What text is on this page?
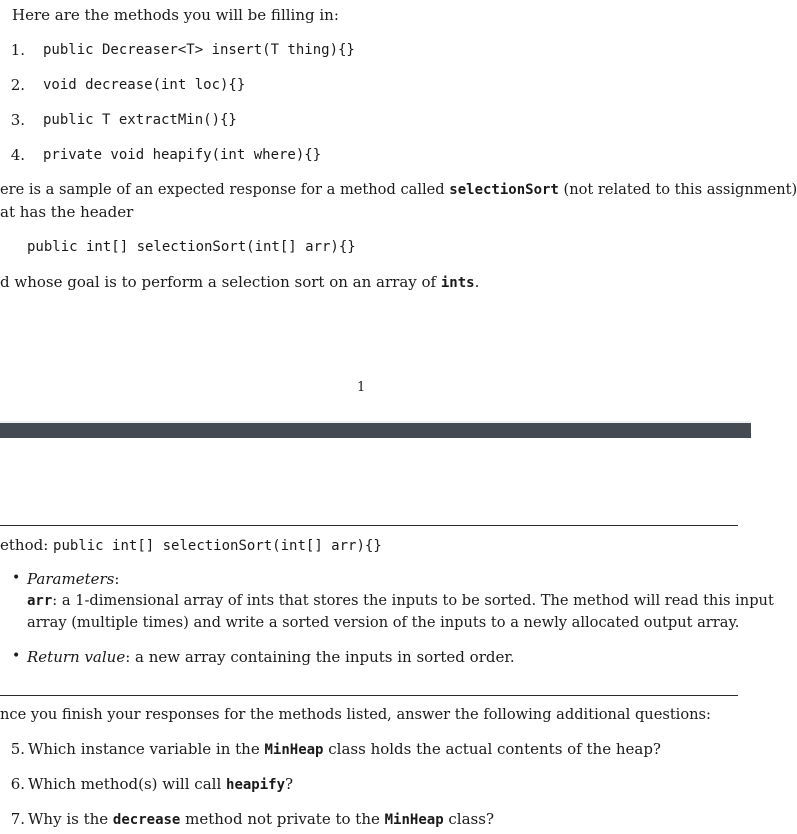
Here are the methods you will be filling in:
1. public Decreaser<T> insert(T thing){}
2. void decrease(int loc){}
3. public T extractMin(){}
4. private void heapify(int where){}
ere is a sample of an expected response for a method called selectionSort (not related to this assignment)
at has the header
public int[] selectionSort(int[] arr){}
d whose goal is to perform a selection sort on an array of ints.
1
ethod: public int[] selectionSort(int[] arr){}
• Parameters:
arr: a 1-dimensional array of ints that stores the inputs to be sorted. The method will read this input
array (multiple times) and write a sorted version of the inputs to a newly allocated output array.
• Return value: a new array containing the inputs in sorted order.
nce you finish your responses for the methods listed, answer the following additional questions:
5. Which instance variable in the MinHeap class holds the actual contents of the heap?
6. Which method(s) will call heapify?
7. Why is the decrease method not private to the MinHeap class?
